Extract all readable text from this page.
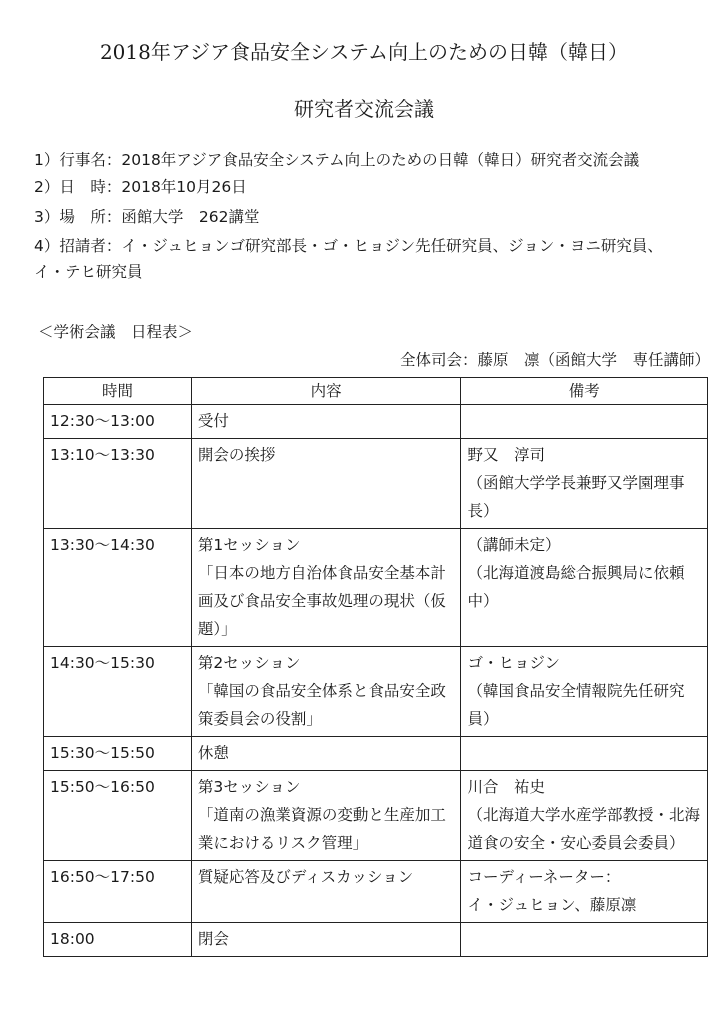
2018年アジア食品安全システム向上のための日韓（韓日）
研究者交流会議
1）行事名：2018年アジア食品安全システム向上のための日韓（韓日）研究者交流会議
2）日　時：2018年10月26日
3）場　所：函館大学　262講堂
4）招請者：イ・ジュヒョンゴ研究部長・ゴ・ヒョジン先任研究員、ジョン・ヨニ研究員、イ・テヒ研究員
＜学術会議　日程表＞
全体司会：藤原　凛（函館大学　専任講師）
時間	内容	備考
12:30〜13:00	受付	

13:10〜13:30	開会の挨拶	野又　淳司
（函館大学学長兼野又学園理事長）

13:30〜14:30	第1セッション
「日本の地方自治体食品安全基本計画及び食品安全事故処理の現状（仮題）」	（講師未定）
（北海道渡島総合振興局に依頼中）

14:30〜15:30	第2セッション
「韓国の食品安全体系と食品安全政策委員会の役割」	ゴ・ヒョジン
（韓国食品安全情報院先任研究員）

15:30〜15:50	休憩	

15:50〜16:50	第3セッション
「道南の漁業資源の変動と生産加工業におけるリスク管理」	川合　祐史
（北海道大学水産学部教授・北海道食の安全・安心委員会委員）

16:50〜17:50	質疑応答及びディスカッション	コーディーネーター：
イ・ジュヒョン、藤原凛

18:00	閉会	
